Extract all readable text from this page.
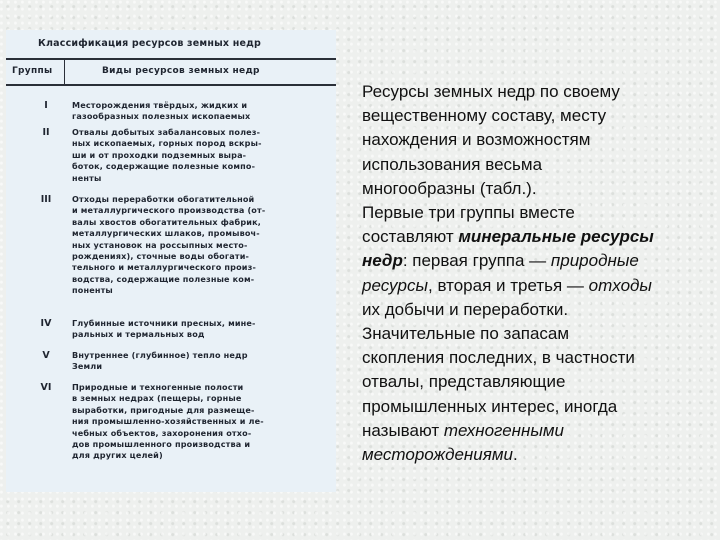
Классификация ресурсов земных недр
Группы	Виды ресурсов земных недр
I	Месторождения твёрдых, жидких и
газообразных полезных ископаемых
II	Отвалы добытых забалансовых полез-
ных ископаемых, горных пород вскры-
ши и от проходки подземных выра-
боток, содержащие полезные компо-
ненты
III	Отходы переработки обогатительной
и металлургического производства (от-
валы хвостов обогатительных фабрик,
металлургических шлаков, промывоч-
ных установок на россыпных место-
рождениях), сточные воды обогати-
тельного и металлургического произ-
водства, содержащие полезные ком-
поненты
IV	Глубинные источники пресных, мине-
ральных и термальных вод
V	Внутреннее (глубинное) тепло недр
Земли
VI	Природные и техногенные полости
в земных недрах (пещеры, горные
выработки, пригодные для размеще-
ния промышленно-хозяйственных и ле-
чебных объектов, захоронения отхо-
дов промышленного производства и
для других целей)
Ресурсы земных недр по своему
вещественному составу, месту
нахождения и возможностям
использования весьма
многообразны (табл.).
Первые три группы вместе
составляют минеральные ресурсы
недр: первая группа — природные
ресурсы, вторая и третья — отходы
их добычи и переработки.
Значительные по запасам
скопления последних, в частности
отвалы, представляющие
промышленных интерес, иногда
называют техногенными
месторождениями.
